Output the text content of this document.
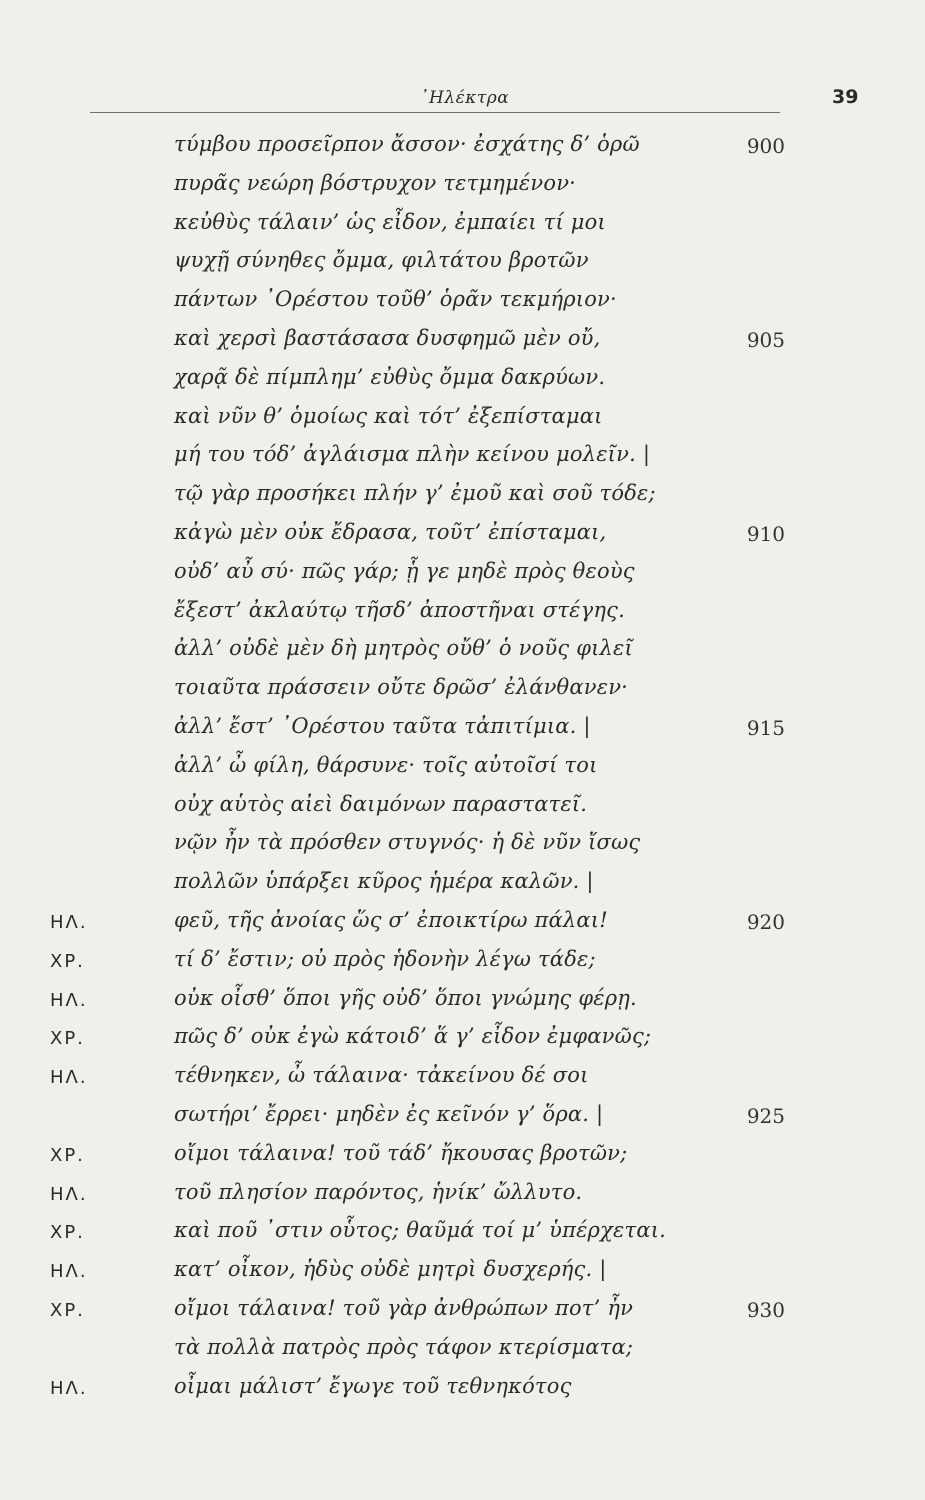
᾿Ηλέκτρα	39
τύμβου προσεῖρπον ἄσσον· ἐσχάτης δ’ ὁρῶ	900
πυρᾶς νεώρη βόστρυχον τετμημένον·
κεὐθὺς τάλαιν’ ὡς εἶδον, ἐμπαίει τί μοι
ψυχῇ σύνηθες ὄμμα, φιλτάτου βροτῶν
πάντων ᾿Ορέστου τοῦθ’ ὁρᾶν τεκμήριον·
καὶ χερσὶ βαστάσασα δυσφημῶ μὲν οὔ,	905
χαρᾷ δὲ πίμπλημ’ εὐθὺς ὄμμα δακρύων.
καὶ νῦν θ’ ὁμοίως καὶ τότ’ ἐξεπίσταμαι
μή του τόδ’ ἀγλάισμα πλὴν κείνου μολεῖν. |
τῷ γὰρ προσήκει πλήν γ’ ἐμοῦ καὶ σοῦ τόδε;
κἀγὼ μὲν οὐκ ἔδρασα, τοῦτ’ ἐπίσταμαι,	910
οὐδ’ αὖ σύ· πῶς γάρ; ᾗ γε μηδὲ πρὸς θεοὺς
ἔξεστ’ ἀκλαύτῳ τῆσδ’ ἀποστῆναι στέγης.
ἀλλ’ οὐδὲ μὲν δὴ μητρὸς οὔθ’ ὁ νοῦς φιλεῖ
τοιαῦτα πράσσειν οὔτε δρῶσ’ ἐλάνθανεν·
ἀλλ’ ἔστ’ ᾿Ορέστου ταῦτα τἀπιτίμια. |	915
ἀλλ’ ὦ φίλη, θάρσυνε· τοῖς αὐτοῖσί τοι
οὐχ αὑτὸς αἰεὶ δαιμόνων παραστατεῖ.
νῷν ἦν τὰ πρόσθεν στυγνός· ἡ δὲ νῦν ἴσως
πολλῶν ὑπάρξει κῦρος ἡμέρα καλῶν. |
ΗΛ.	φεῦ, τῆς ἀνοίας ὥς σ’ ἐποικτίρω πάλαι!	920
ΧΡ.	τί δ’ ἔστιν; οὐ πρὸς ἡδονὴν λέγω τάδε;
ΗΛ.	οὐκ οἶσθ’ ὅποι γῆς οὐδ’ ὅποι γνώμης φέρῃ.
ΧΡ.	πῶς δ’ οὐκ ἐγὼ κάτοιδ’ ἅ γ’ εἶδον ἐμφανῶς;
ΗΛ.	τέθνηκεν, ὦ τάλαινα· τἀκείνου δέ σοι
σωτήρι’ ἔρρει· μηδὲν ἐς κεῖνόν γ’ ὅρα. |	925
ΧΡ.	οἴμοι τάλαινα! τοῦ τάδ’ ἤκουσας βροτῶν;
ΗΛ.	τοῦ πλησίον παρόντος, ἡνίκ’ ὤλλυτο.
ΧΡ.	καὶ ποῦ ᾿στιν οὗτος; θαῦμά τοί μ’ ὑπέρχεται.
ΗΛ.	κατ’ οἶκον, ἡδὺς οὐδὲ μητρὶ δυσχερής. |
ΧΡ.	οἴμοι τάλαινα! τοῦ γὰρ ἀνθρώπων ποτ’ ἦν	930
τὰ πολλὰ πατρὸς πρὸς τάφον κτερίσματα;
ΗΛ.	οἶμαι μάλιστ’ ἔγωγε τοῦ τεθνηκότος
